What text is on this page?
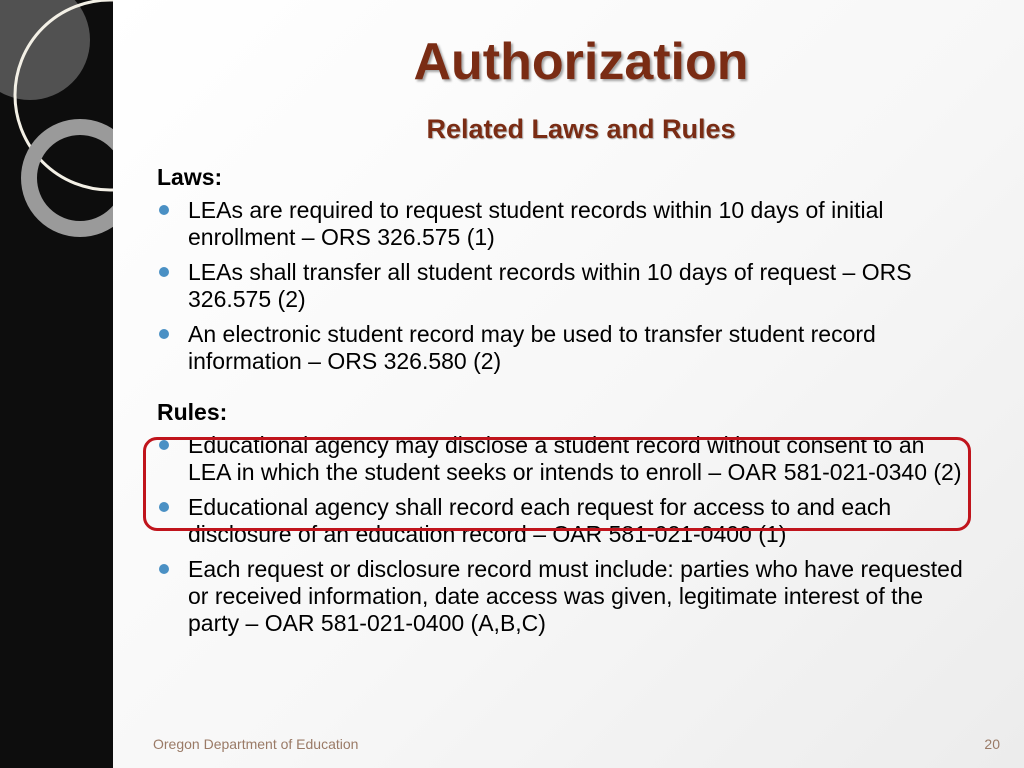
Authorization
Related Laws and Rules

Laws:

LEAs are required to request student records within 10 days of initial enrollment – ORS 326.575 (1)
LEAs shall transfer all student records within 10 days of request – ORS 326.575 (2)
An electronic student record may be used to transfer student record information – ORS 326.580 (2)

Rules:

Educational agency may disclose a student record without consent to an LEA in which the student seeks or intends to enroll – OAR 581-021-0340 (2)
Educational agency shall record each request for access to and each disclosure of an education record – OAR 581-021-0400 (1)
Each request or disclosure record must include: parties who have requested or received information, date access was given, legitimate interest of the party – OAR 581-021-0400 (A,B,C)
Oregon Department of Education	20
